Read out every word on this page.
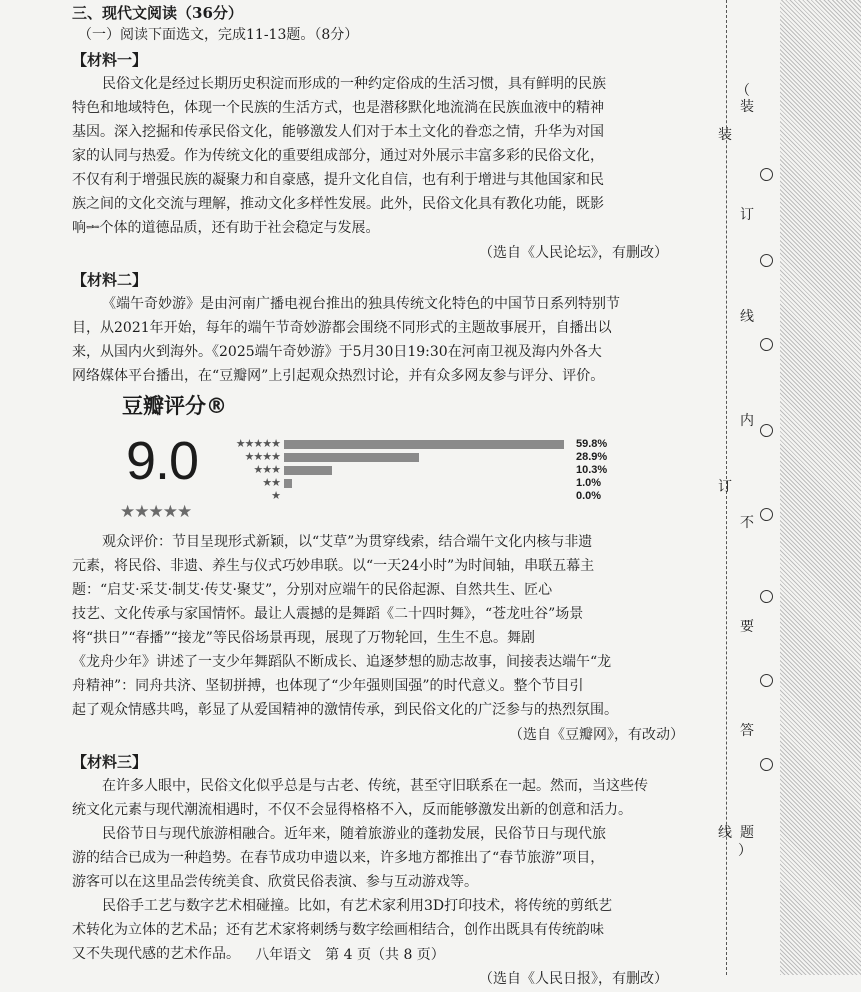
三、现代文阅读（36分）
（一）阅读下面选文，完成11-13题。（8分）
【材料一】
民俗文化是经过长期历史积淀而形成的一种约定俗成的生活习惯，具有鲜明的民族
特色和地域特色，体现一个民族的生活方式，也是潜移默化地流淌在民族血液中的精神
基因。深入挖掘和传承民俗文化，能够激发人们对于本土文化的眷恋之情，升华为对国
家的认同与热爱。作为传统文化的重要组成部分，通过对外展示丰富多彩的民俗文化，
不仅有利于增强民族的凝聚力和自豪感，提升文化自信，也有利于增进与其他国家和民
族之间的文化交流与理解，推动文化多样性发展。此外，民俗文化具有教化功能，既影
响ᆂ个体的道德品质，还有助于社会稳定与发展。
（选自《人民论坛》，有删改）
【材料二】
《端午奇妙游》是由河南广播电视台推出的独具传统文化特色的中国节日系列特别节
目，从2021年开始，每年的端午节奇妙游都会围绕不同形式的主题故事展开，自播出以
来，从国内火到海外。《2025端午奇妙游》于5月30日19:30在河南卫视及海内外各大
网络媒体平台播出，在“豆瓣网”上引起观众热烈讨论，并有众多网友参与评分、评价。
豆瓣评分®
9.0
★★★★★
★★★★★	59.8%
★★★★	28.9%
★★★	10.3%
★★	1.0%
★	0.0%
观众评价：节目呈现形式新颖，以“艾草”为贯穿线索，结合端午文化内核与非遗
元素，将民俗、非遗、养生与仪式巧妙串联。以“一天24小时”为时间轴，串联五幕主
题：“启艾·采艾·制艾·传艾·聚艾”，分别对应端午的民俗起源、自然共生、匠心
技艺、文化传承与家国情怀。最让人震撼的是舞蹈《二十四时舞》，“苍龙吐谷”场景
将“拱日”“春播”“接龙”等民俗场景再现，展现了万物轮回，生生不息。舞剧
《龙舟少年》讲述了一支少年舞蹈队不断成长、追逐梦想的励志故事，间接表达端午“龙
舟精神”：同舟共济、坚韧拼搏，也体现了“少年强则国强”的时代意义。整个节目引
起了观众情感共鸣，彰显了从爱国精神的激情传承，到民俗文化的广泛参与的热烈氛围。
（选自《豆瓣网》，有改动）
【材料三】
在许多人眼中，民俗文化似乎总是与古老、传统，甚至守旧联系在一起。然而，当这些传
统文化元素与现代潮流相遇时，不仅不会显得格格不入，反而能够激发出新的创意和活力。
民俗节日与现代旅游相融合。近年来，随着旅游业的蓬勃发展，民俗节日与现代旅
游的结合已成为一种趋势。在春节成功申遗以来，许多地方都推出了“春节旅游”项目，
游客可以在这里品尝传统美食、欣赏民俗表演、参与互动游戏等。
民俗手工艺与数字艺术相碰撞。比如，有艺术家利用3D打印技术，将传统的剪纸艺
术转化为立体的艺术品；还有艺术家将刺绣与数字绘画相结合，创作出既具有传统韵味
又不失现代感的艺术作品。
（选自《人民日报》，有删改）
八年语文　第 4 页（共 8 页）
（
装
装
订
线
内
订
不
要
答
线 题
）
